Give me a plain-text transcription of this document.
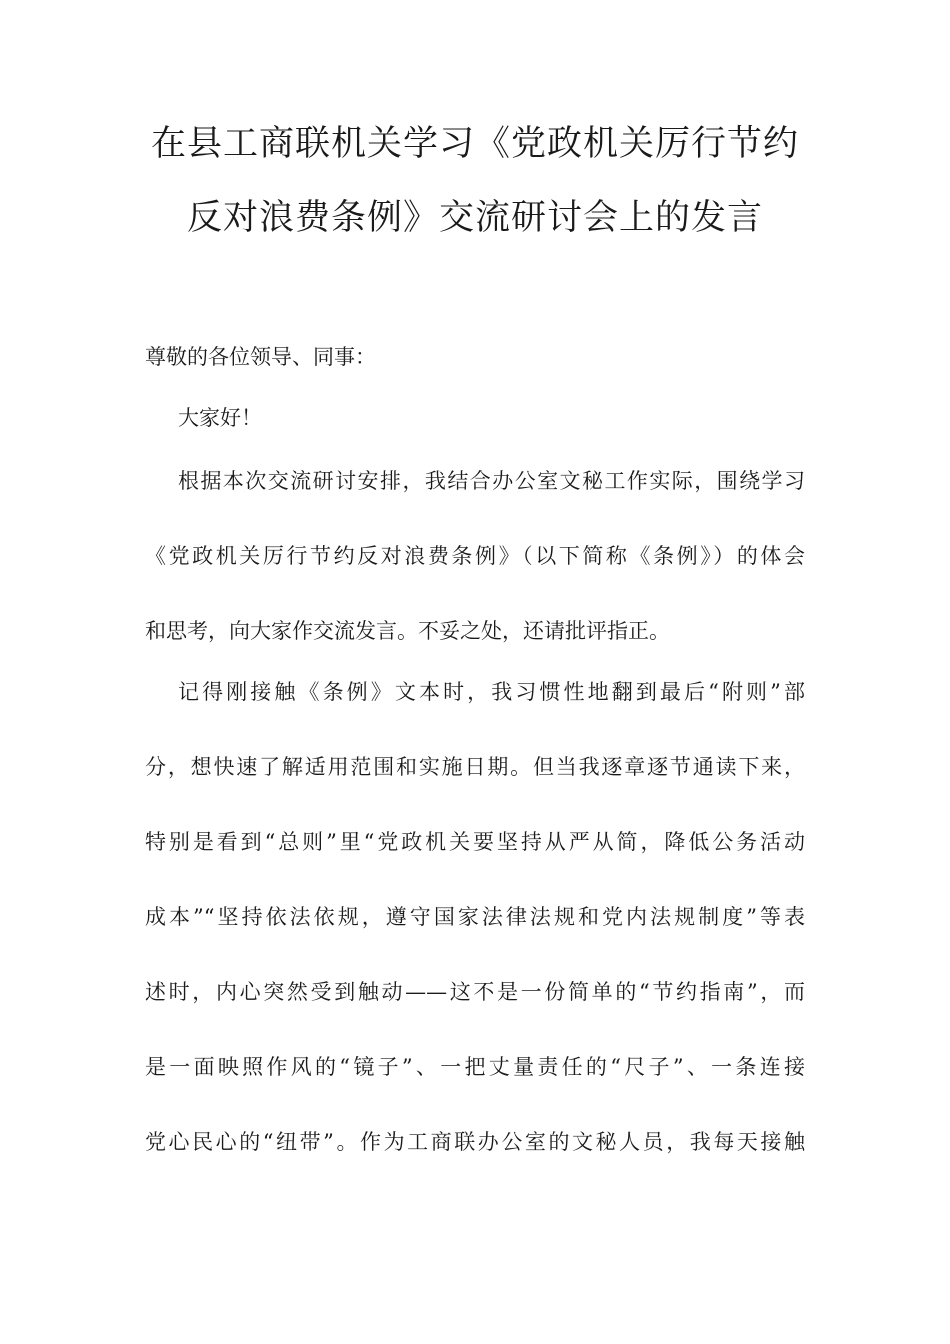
在县工商联机关学习《党政机关厉行节约
反对浪费条例》交流研讨会上的发言
尊敬的各位领导、同事：
大家好！
根据本次交流研讨安排，我结合办公室文秘工作实际，围绕学习
《党政机关厉行节约反对浪费条例》（以下简称《条例》）的体会
和思考，向大家作交流发言。不妥之处，还请批评指正。
记得刚接触《条例》文本时，我习惯性地翻到最后“附则”部
分，想快速了解适用范围和实施日期。但当我逐章逐节通读下来，
特别是看到“总则”里“党政机关要坚持从严从简，降低公务活动
成本”“坚持依法依规，遵守国家法律法规和党内法规制度”等表
述时，内心突然受到触动——这不是一份简单的“节约指南”，而
是一面映照作风的“镜子”、一把丈量责任的“尺子”、一条连接
党心民心的“纽带”。作为工商联办公室的文秘人员，我每天接触
